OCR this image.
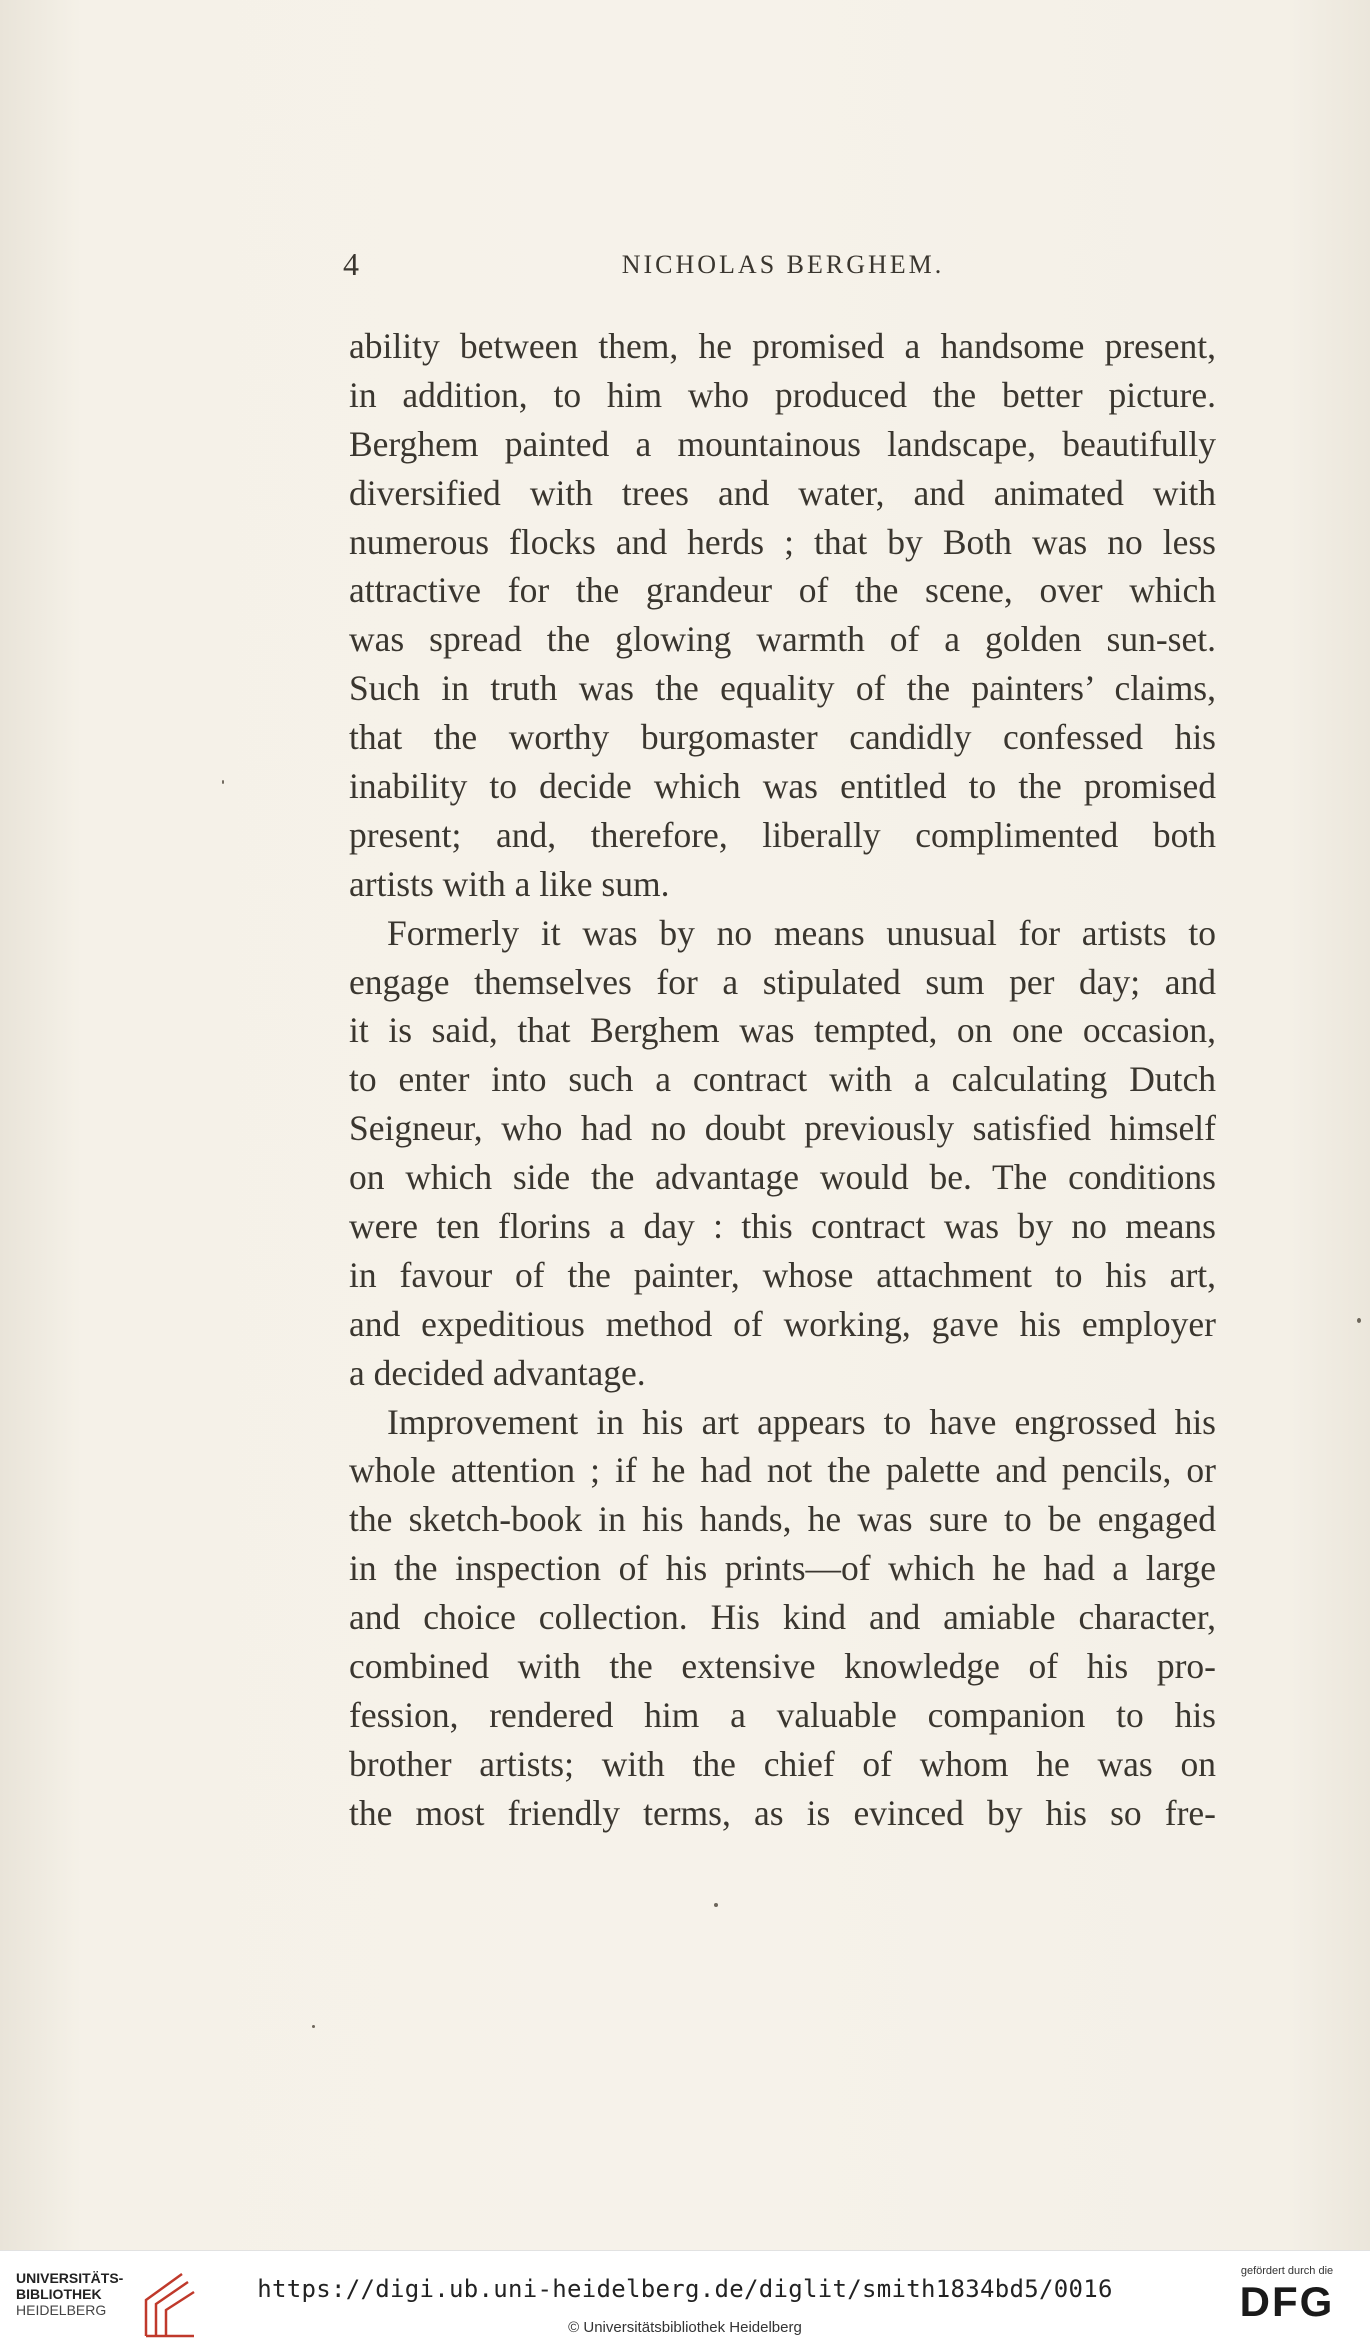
4	NICHOLAS BERGHEM.
ability between them, he promised a handsome present,
in addition, to him who produced the better picture.
Berghem painted a mountainous landscape, beautifully
diversified with trees and water, and animated with
numerous flocks and herds ; that by Both was no less
attractive for the grandeur of the scene, over which
was spread the glowing warmth of a golden sun-set.
Such in truth was the equality of the painters’ claims,
that the worthy burgomaster candidly confessed his
inability to decide which was entitled to the promised
present; and, therefore, liberally complimented both
artists with a like sum.
Formerly it was by no means unusual for artists to
engage themselves for a stipulated sum per day; and
it is said, that Berghem was tempted, on one occasion,
to enter into such a contract with a calculating Dutch
Seigneur, who had no doubt previously satisfied himself
on which side the advantage would be. The conditions
were ten florins a day : this contract was by no means
in favour of the painter, whose attachment to his art,
and expeditious method of working, gave his employer
a decided advantage.
Improvement in his art appears to have engrossed his
whole attention ; if he had not the palette and pencils, or
the sketch-book in his hands, he was sure to be engaged
in the inspection of his prints—of which he had a large
and choice collection. His kind and amiable character,
combined with the extensive knowledge of his pro-
fession, rendered him a valuable companion to his
brother artists; with the chief of whom he was on
the most friendly terms, as is evinced by his so fre-
UNIVERSITÄTS-
BIBLIOTHEK
HEIDELBERG
https://digi.ub.uni-heidelberg.de/diglit/smith1834bd5/0016
© Universitätsbibliothek Heidelberg
gefördert durch die
DFG
